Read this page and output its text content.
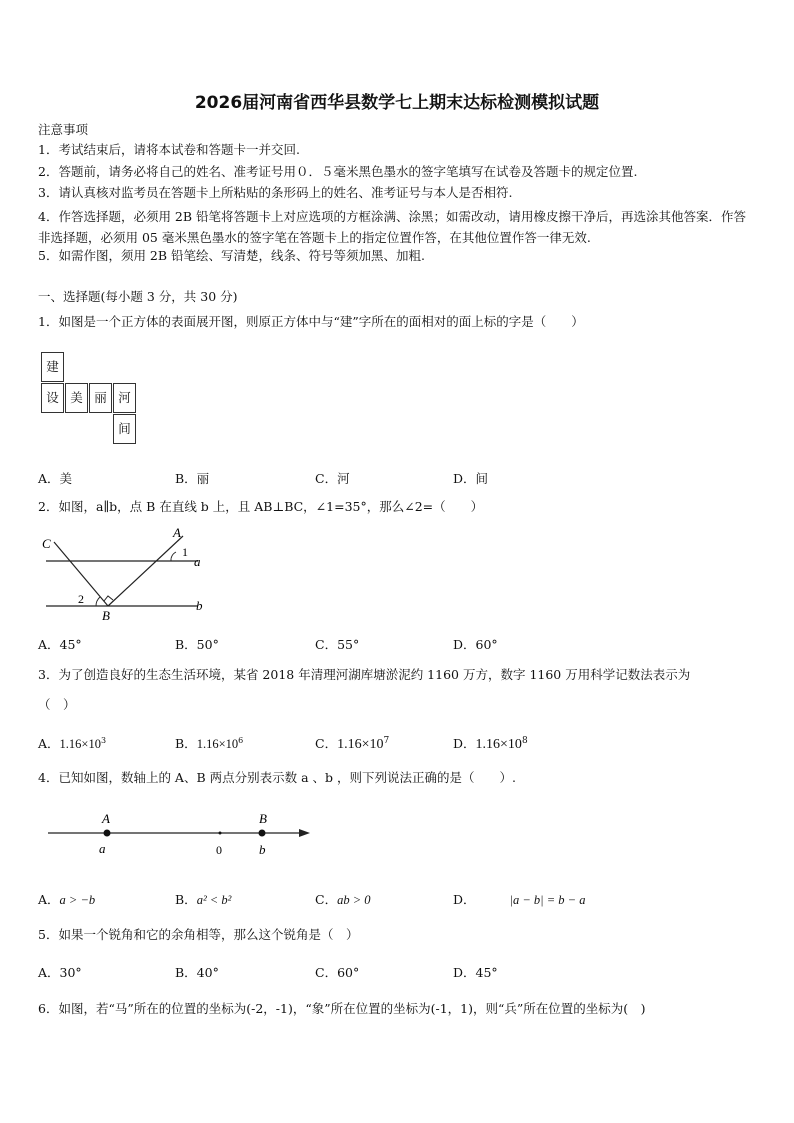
2026届河南省西华县数学七上期末达标检测模拟试题
注意事项
1．考试结束后，请将本试卷和答题卡一并交回.
2．答题前，请务必将自己的姓名、准考证号用０．５毫米黑色墨水的签字笔填写在试卷及答题卡的规定位置.
3．请认真核对监考员在答题卡上所粘贴的条形码上的姓名、准考证号与本人是否相符.
4．作答选择题，必须用 2B 铅笔将答题卡上对应选项的方框涂满、涂黑；如需改动，请用橡皮擦干净后，再选涂其他答案．作答非选择题，必须用 05 毫米黑色墨水的签字笔在答题卡上的指定位置作答，在其他位置作答一律无效.
5．如需作图，须用 2B 铅笔绘、写清楚，线条、符号等须加黑、加粗.
一、选择题(每小题 3 分，共 30 分)
1．如图是一个正方体的表面展开图，则原正方体中与“建”字所在的面相对的面上标的字是（　　）
建
设 美 丽 河
间
A．美	B．丽	C．河	D．间
2．如图，a∥b，点 B 在直线 b 上，且 AB⊥BC，∠1=35°，那么∠2=（　　）
C
A
1
a
2
B
b
A．45°	B．50°	C．55°	D．60°
3．为了创造良好的生态生活环境，某省 2018 年清理河湖库塘淤泥约 1160 万方，数字 1160 万用科学记数法表示为
（　）
A．$1.16\times 10^3$	B．$1.16\times 10^6$	C．$1.16\times 10^7$	D．$1.16\times 10^8$
4．已知如图，数轴上的 A、B 两点分别表示数 a 、b ，则下列说法正确的是（　　）.
A	B
a	0	b
A．a > −b	B．a² < b²	C．ab > 0	D．	|a − b| = b − a
5．如果一个锐角和它的余角相等，那么这个锐角是（　）
A．30°	B．40°	C．60°	D．45°
6．如图，若“马”所在的位置的坐标为(-2，-1)，“象”所在位置的坐标为(-1，1)，则“兵”所在位置的坐标为(　)
